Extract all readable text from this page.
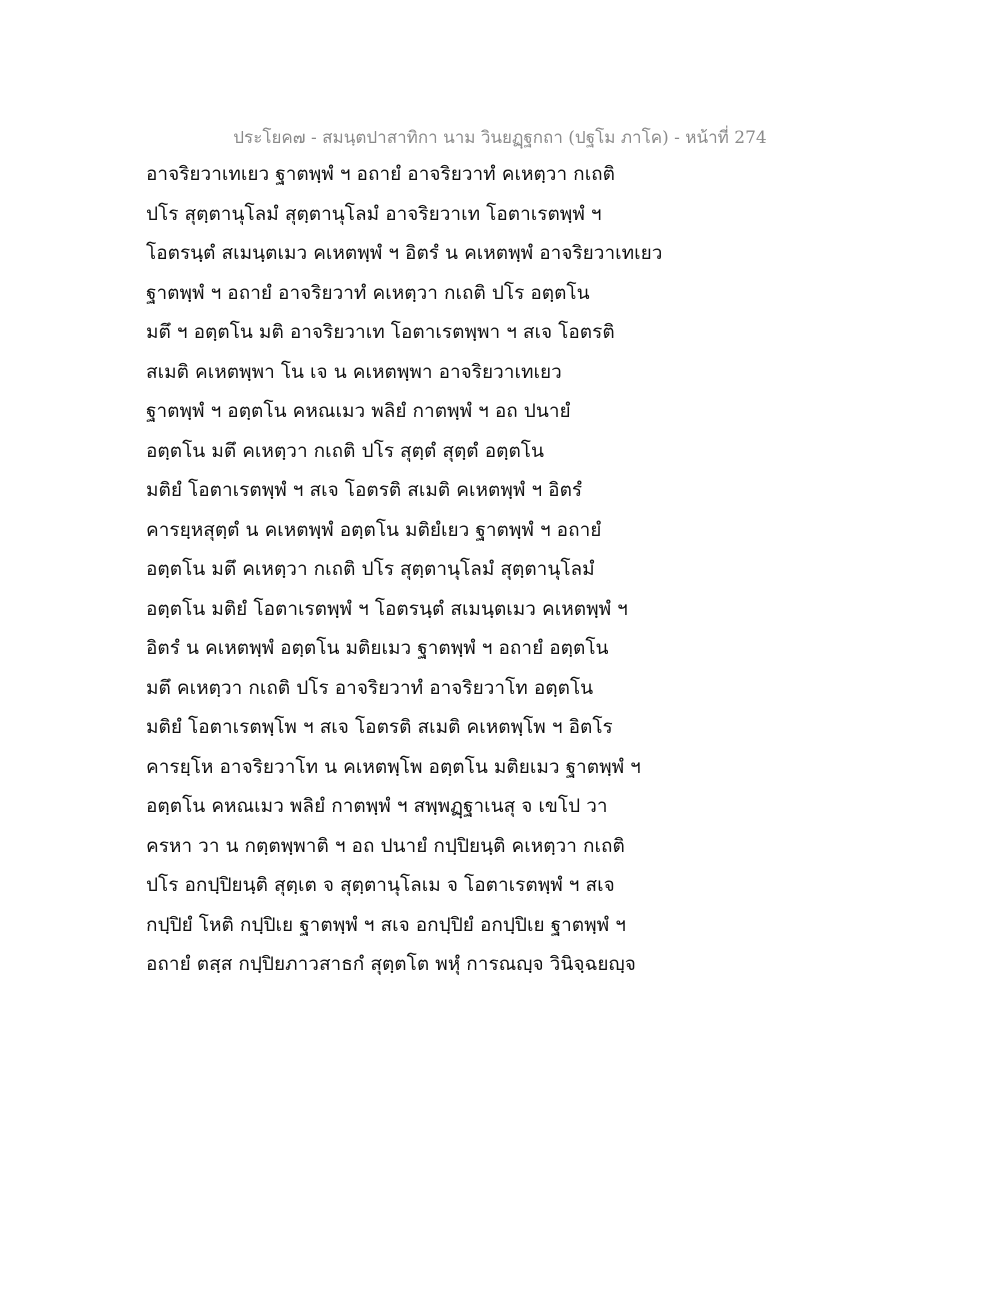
ประโยค๗ - สมนฺตปาสาทิกา นาม วินยฏฺฐกถา (ปฐโม ภาโค) - หน้าที่ 274
อาจริยวาเทเยว ฐาตพฺพํ ฯ อถายํ อาจริยวาทํ คเหตฺวา กเถติ
ปโร สุตฺตานุโลมํ สุตฺตานุโลมํ อาจริยวาเท โอตาเรตพฺพํ ฯ
โอตรนฺตํ สเมนฺตเมว คเหตพฺพํ ฯ อิตรํ น คเหตพฺพํ อาจริยวาเทเยว
ฐาตพฺพํ ฯ อถายํ อาจริยวาทํ คเหตฺวา กเถติ ปโร อตฺตโน
มตึ ฯ อตฺตโน มติ อาจริยวาเท โอตาเรตพฺพา ฯ สเจ โอตรติ
สเมติ คเหตพฺพา โน เจ น คเหตพฺพา อาจริยวาเทเยว
ฐาตพฺพํ ฯ อตฺตโน คหณเมว พลิยํ กาตพฺพํ ฯ อถ ปนายํ
อตฺตโน มตึ คเหตฺวา กเถติ ปโร สุตฺตํ สุตฺตํ อตฺตโน
มติยํ โอตาเรตพฺพํ ฯ สเจ โอตรติ สเมติ คเหตพฺพํ ฯ อิตรํ
คารยฺหสุตฺตํ น คเหตพฺพํ อตฺตโน มติยํเยว ฐาตพฺพํ ฯ อถายํ
อตฺตโน มตึ คเหตฺวา กเถติ ปโร สุตฺตานุโลมํ สุตฺตานุโลมํ
อตฺตโน มติยํ โอตาเรตพฺพํ ฯ โอตรนฺตํ สเมนฺตเมว คเหตพฺพํ ฯ
อิตรํ น คเหตพฺพํ อตฺตโน มติยเมว ฐาตพฺพํ ฯ อถายํ อตฺตโน
มตึ คเหตฺวา กเถติ ปโร อาจริยวาทํ อาจริยวาโท อตฺตโน
มติยํ โอตาเรตพฺโพ ฯ สเจ โอตรติ สเมติ คเหตพฺโพ ฯ อิตโร
คารยฺโห อาจริยวาโท น คเหตพฺโพ อตฺตโน มติยเมว ฐาตพฺพํ ฯ
อตฺตโน คหณเมว พลิยํ กาตพฺพํ ฯ สพฺพฏฺฐาเนสุ จ เขโป วา
ครหา วา น กตฺตพฺพาติ ฯ อถ ปนายํ กปฺปิยนฺติ คเหตฺวา กเถติ
ปโร อกปฺปิยนฺติ สุตฺเต จ สุตฺตานุโลเม จ โอตาเรตพฺพํ ฯ สเจ
กปฺปิยํ โหติ กปฺปิเย ฐาตพฺพํ ฯ สเจ อกปฺปิยํ อกปฺปิเย ฐาตพฺพํ ฯ
อถายํ ตสฺส กปฺปิยภาวสาธกํ สุตฺตโต พหุํ การณญฺจ วินิจฺฉยญฺจ
